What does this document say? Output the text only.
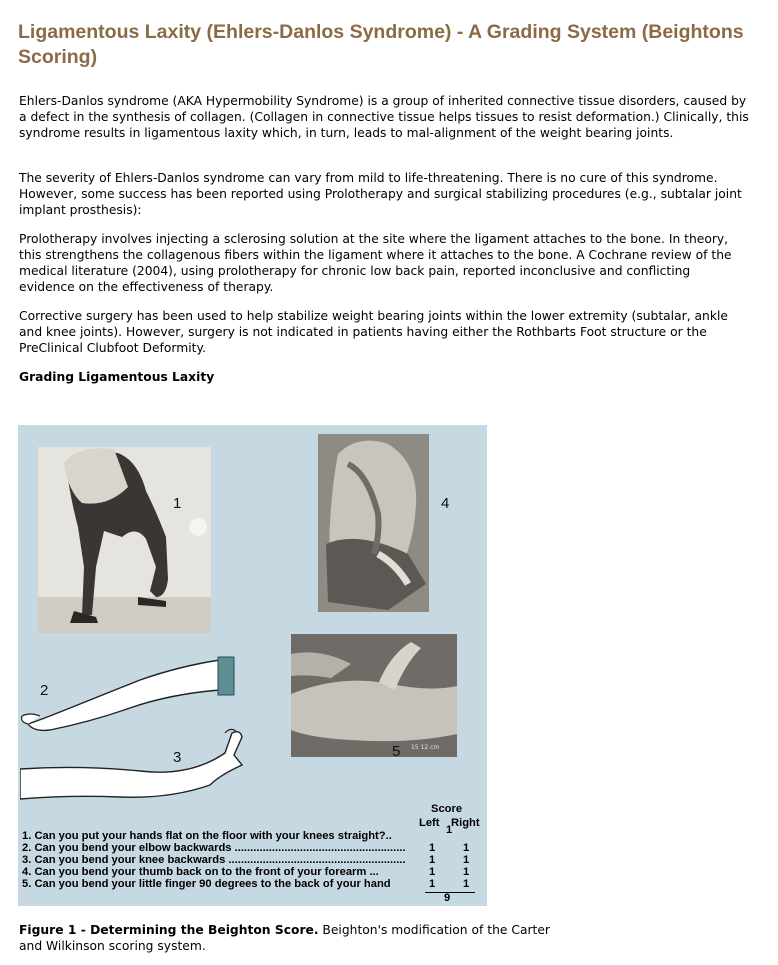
Ligamentous Laxity (Ehlers-Danlos Syndrome) - A Grading System (Beightons Scoring)

Ehlers-Danlos syndrome (AKA Hypermobility Syndrome) is a group of inherited connective tissue disorders, caused by a defect in the synthesis of collagen. (Collagen in connective tissue helps tissues to resist deformation.) Clinically, this syndrome results in ligamentous laxity which, in turn, leads to mal-alignment of the weight bearing joints.

The severity of Ehlers-Danlos syndrome can vary from mild to life-threatening. There is no cure of this syndrome. However, some success has been reported using Prolotherapy and surgical stabilizing procedures (e.g., subtalar joint implant prosthesis):

Prolotherapy involves injecting a sclerosing solution at the site where the ligament attaches to the bone. In theory, this strengthens the collagenous fibers within the ligament where it attaches to the bone. A Cochrane review of the medical literature (2004), using prolotherapy for chronic low back pain, reported inconclusive and conflicting evidence on the effectiveness of therapy.

Corrective surgery has been used to help stabilize weight bearing joints within the lower extremity (subtalar, ankle and knee joints). However, surgery is not indicated in patients having either the Rothbarts Foot structure or the PreClinical Clubfoot Deformity.

Grading Ligamentous Laxity

1	4
2
15 12 cm
5
3
Score
Left Right
1. Can you put your hands flat on the floor with your knees straight?..	1
2. Can you bend your elbow backwards .......................................................	1 1
3. Can you bend your knee backwards .........................................................	1 1
4. Can you bend your thumb back on to the front of your forearm ...	1 1
5. Can you bend your little finger 90 degrees to the back of your hand	1 1
9

Figure 1 - Determining the Beighton Score. Beighton's modification of the Carter and Wilkinson scoring system.
